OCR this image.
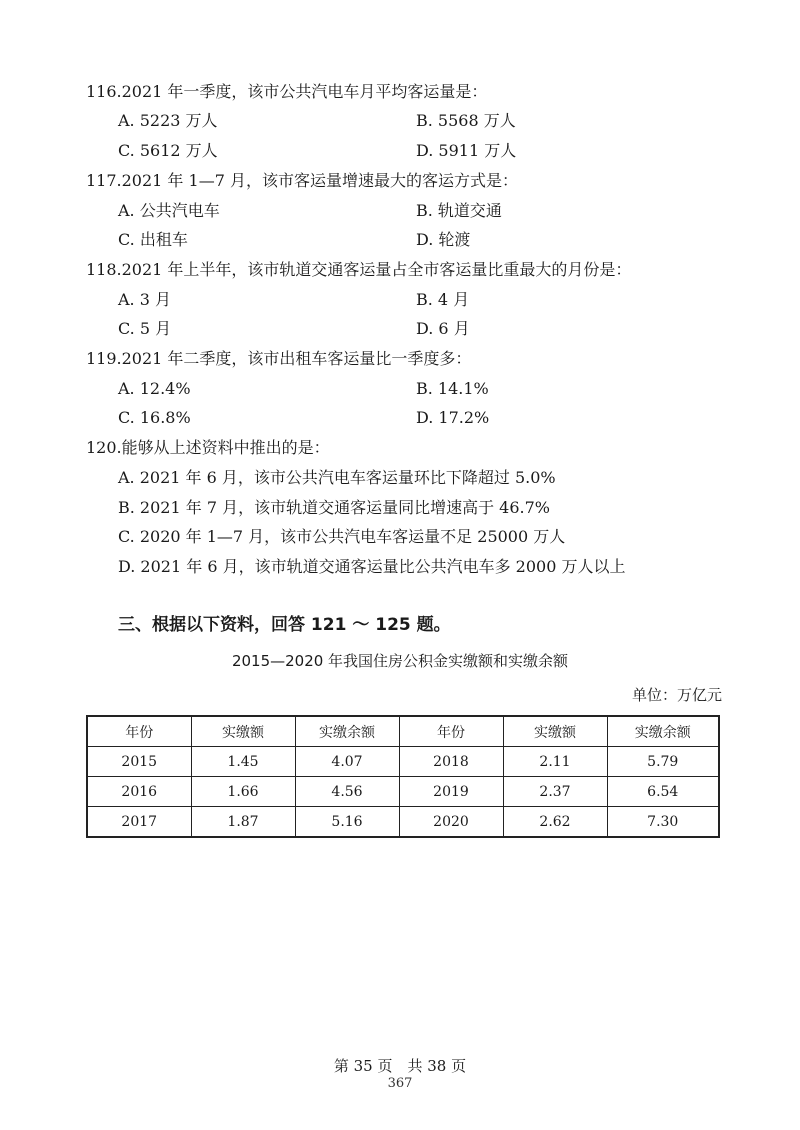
116.2021 年一季度，该市公共汽电车月平均客运量是：
A. 5223 万人	B. 5568 万人
C. 5612 万人	D. 5911 万人
117.2021 年 1—7 月，该市客运量增速最大的客运方式是：
A. 公共汽电车	B. 轨道交通
C. 出租车	D. 轮渡
118.2021 年上半年，该市轨道交通客运量占全市客运量比重最大的月份是：
A. 3 月	B. 4 月
C. 5 月	D. 6 月
119.2021 年二季度，该市出租车客运量比一季度多：
A. 12.4%	B. 14.1%
C. 16.8%	D. 17.2%
120.能够从上述资料中推出的是：
A. 2021 年 6 月，该市公共汽电车客运量环比下降超过 5.0%
B. 2021 年 7 月，该市轨道交通客运量同比增速高于 46.7%
C. 2020 年 1—7 月，该市公共汽电车客运量不足 25000 万人
D. 2021 年 6 月，该市轨道交通客运量比公共汽电车多 2000 万人以上
三、根据以下资料，回答 121 ～ 125 题。
2015—2020 年我国住房公积金实缴额和实缴余额
单位：万亿元
年份	实缴额	实缴余额	年份	实缴额	实缴余额
2015	1.45	4.07	2018	2.11	5.79
2016	1.66	4.56	2019	2.37	6.54
2017	1.87	5.16	2020	2.62	7.30
第 35 页　共 38 页
367
